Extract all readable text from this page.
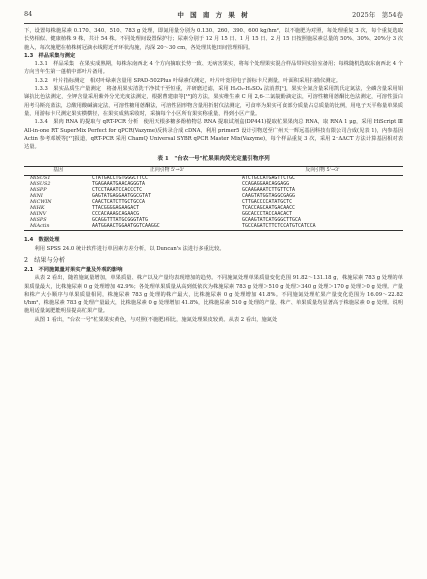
84	中 国 南 方 果 树	2025年　第54卷

下，设置每株施尿素 0.170、340、510、783 g 处理，即氮用量分别为 0.130、260、390、600 kg/hm²，以不施肥为对照，每处理重复 3 次，每个重复选取长势相似、健康植株 9 株，共计 54 株。不同处理间设置保护行；尿素分别于 12 月 15 日、1 月 15 日、2 月 15 日按照施尿素总量的 50%、30%、20%分 3 次施入，每次施肥在植株树冠滴水线附近开环状沟施，沟深 20～30 cm，各处理其他田间管理相同。

1.3　样品采集与测定

1.3.1　样品采集　在果实成熟期，每株东南西北 4 个方向摘取长势一致、无病害果实，将每个处理果实混合样品带回实验室备用；每株随机选取东南西北 4 个方向当年生第一蓬梢中部叶片备用。

1.3.2　叶片指标测定　相对叶绿素含量用 SPAD-502Plus 叶绿素仪测定，叶片叶宽用电子游标卡尺测量，叶面积采用扫描仪测定。

1.3.3　果实品质生产量测定　将备用果实清洗干净拭干至恒重，并研磨过滤，采用 H₂O₂-H₂SO₄ 法消煮[¹]，果实全氮含量采用凯氏定氮法，全磷含量采用钼锑抗比色法测定，全钾含量采用紫外分光光度法测定，根据曹建康等[¹⁶]的方法，果实维生素 C 用 2,6-二氯靛酚滴定法，可溶性糖用蒽酮比色法测定，可溶性蛋白用考马斯亮蓝法，总酸用酸碱滴定法，可溶性糖用蒽酮法，可溶性固形物含量用折射仪法测定，可食率为果实可食部分质量占总质量的比例，用电子天平称量单果质量，用游标卡尺测定果实横横径，在果实成熟采收时，采摘每个小区所有果实称重量，得到小区产量。

1.3.4　果肉 RNA 的提取与 qRT-PCR 分析　使用天根多糖多酚植物总 RNA 提取试剂盒(DP441)提取杧果果肉总 RNA，取 RNA 1 μg，采用 HiScript Ⅲ All-in-one RT SuperMix Perfect for qPCR(Vazyme)反转录合成 cDNA，利用 primer5 设计引物送至广州天一辉远基因科技有限公司合成(见表 1)，内参基因 Actin 参考邓媛等[¹⁷]报道，qRT-PCR 采用 ChamQ Universal SYBR qPCR Master Mix(Vazyme)，每个样品重复 3 次，采用 2⁻ΔΔCT 方法计算基因相对表达量。

表 1　"台农一号"杧果果肉荧光定量引物序列
基因	正向引物 5'→3'	反向引物 5'→3'
MiSUS1	CTATGACCTGTGGGCTTCC	ATCTGCCATGAGTTCTGC
MiSUS2	TGAGAAATGAACAGGGTA	CCAGAGGAACAGGAGG
MiSPP	CTCCTAAATCCACCCTC	GCAAGAAATCTTGTTCTA
MiNI	GAGTATGAGGAATGGCGTAT	CAAGTATGGTAGGCGAGG
MiCWIN	CAACTCATCTTGCTGCCA	CTTGACCCCATATGCTC
MiHK	TTACGGGGAGAAGACT	TCACCAGCAATGACAACC
MiINV	CCCACAAAGCAGAACG	GGCACCCTACCAACACT
MiSPS	GCAGGTTTATGCGGGTATG	GCAAGTATCATGGGCTTGCA
MiActin	AATGGAACTGGAATGGTCAAGGC	TGCCAGATCTTCTCCATGTCATCCA

1.4　数据处理

利用 SPSS 24.0 统计软件进行单因素方差分析，以 Duncan's 法进行多重比较。

2　结果与分析

2.1　不同施氮量对果实产量及外观的影响

从表 2 看出，随着施氮量增加，单果质量、株产以及产量均表现增加的趋势。不同施氮处理单果质量变化范围 91.82～131.18 g，株施尿素 783 g 处理的单果质量最大，比株施尿素 0 g 处理增加 42.9%；各处理单果质量从高到低依次为株施尿素 783 g 处理＞510 g 处理＞340 g 处理＞170 g 处理＞0 g 处理。产量和株产大小顺序与单果质量相同，株施尿素 783 g 处理的株产最大，比株施尿素 0 g 处理增加 41.8%。不同施氮处理杧果产量变化范围为 16.09～22.82 t/hm²，株施尿素 783 g 处理产量最大，比株施尿素 0 g 处理增加 41.8%，比株施尿素 510 g 处理的产量、株产、单果质量均显著高于株施尿素 0 g 处理。说明施用适量氮肥能明显提高杧果产量。

从图 1 看出，"台农一号"杧果果实黄色，与对照(不施肥)相比，施氮处理果皮较黄。从表 2 看出，施氮处
